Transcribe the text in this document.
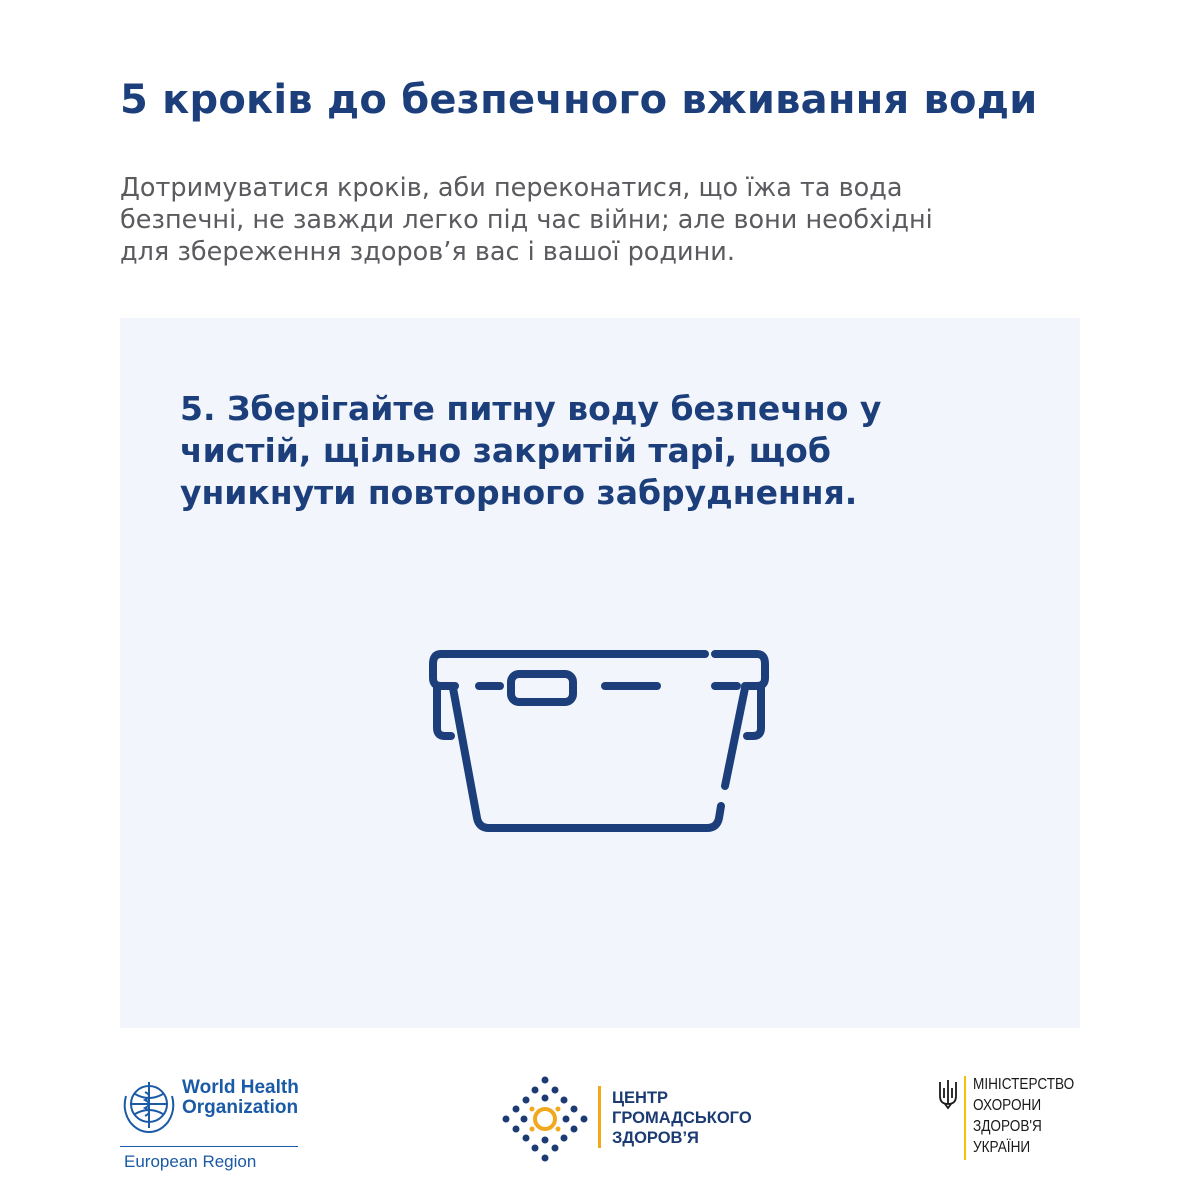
5 кроків до безпечного вживання води
Дотримуватися кроків, аби переконатися, що їжа та вода
безпечні, не завжди легко під час війни; але вони необхідні
для збереження здоров’я вас і вашої родини.
5. Зберігайте питну воду безпечно у
чистій, щільно закритій тарі, щоб
уникнути повторного забруднення.
World Health
Organization
European Region
ЦЕНТР
ГРОМАДСЬКОГО
ЗДОРОВ’Я
МІНІСТЕРСТВО
ОХОРОНИ
ЗДОРОВ'Я
УКРАЇНИ
